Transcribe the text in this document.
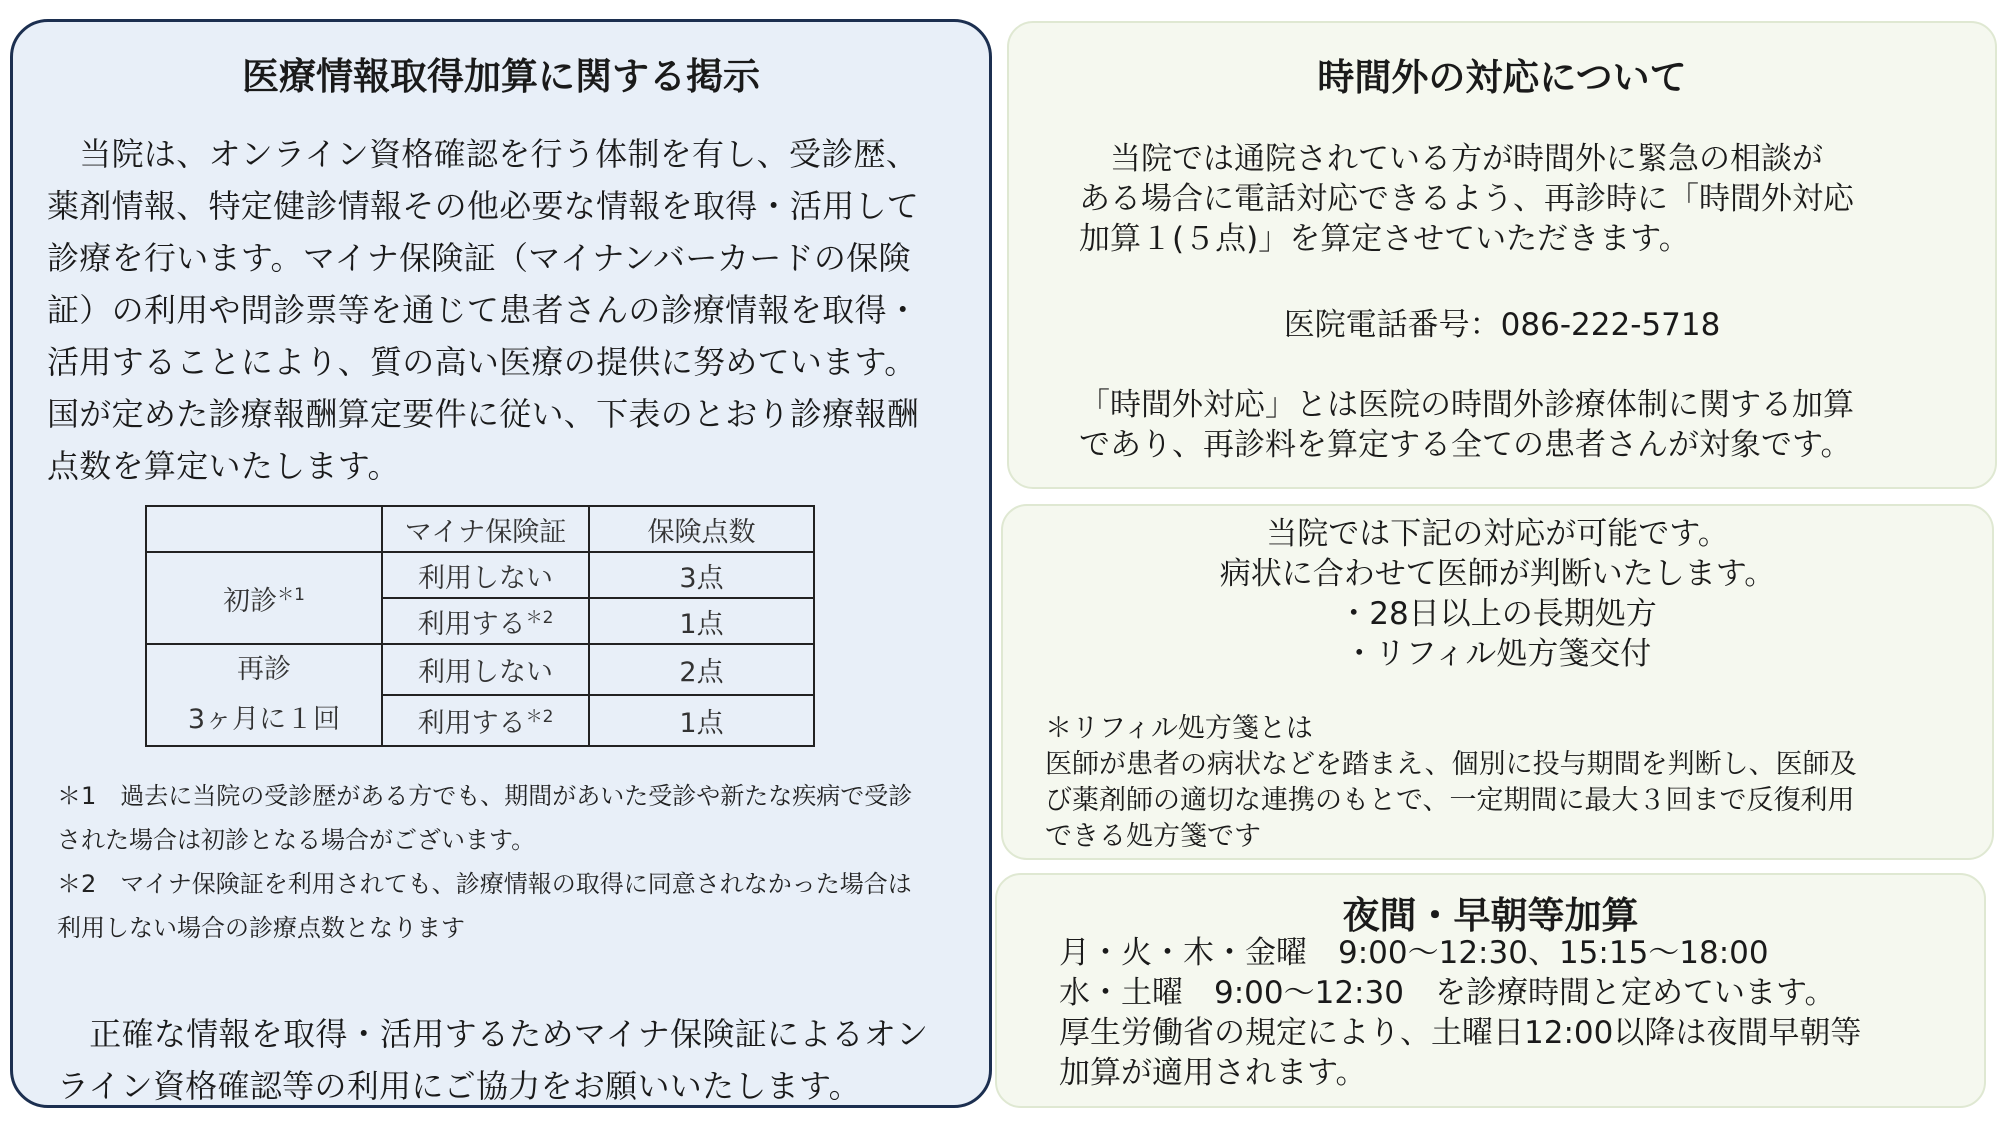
医療情報取得加算に関する掲示
　当院は、オンライン資格確認を行う体制を有し、受診歴、
薬剤情報、特定健診情報その他必要な情報を取得・活用して
診療を行います。マイナ保険証（マイナンバーカードの保険
証）の利用や問診票等を通じて患者さんの診療情報を取得・
活用することにより、質の高い医療の提供に努めています。
国が定めた診療報酬算定要件に従い、下表のとおり診療報酬
点数を算定いたします。
	マイナ保険証	保険点数
初診$^{*1}$	利用しない	3点
	利用する$^{*2}$	1点

再診
3ヶ月に１回	利用しない	2点
	利用する$^{*2}$	1点
＊1　過去に当院の受診歴がある方でも、期間があいた受診や新たな疾病で受診
された場合は初診となる場合がございます。
＊2　マイナ保険証を利用されても、診療情報の取得に同意されなかった場合は
利用しない場合の診療点数となります
　正確な情報を取得・活用するためマイナ保険証によるオン
ライン資格確認等の利用にご協力をお願いいたします。
時間外の対応について
　当院では通院されている方が時間外に緊急の相談が
ある場合に電話対応できるよう、再診時に「時間外対応
加算１(５点)」を算定させていただきます。
医院電話番号：086-222-5718
「時間外対応」とは医院の時間外診療体制に関する加算
であり、再診料を算定する全ての患者さんが対象です。
当院では下記の対応が可能です。
病状に合わせて医師が判断いたします。
・28日以上の長期処方
・リフィル処方箋交付
＊リフィル処方箋とは
医師が患者の病状などを踏まえ、個別に投与期間を判断し、医師及
び薬剤師の適切な連携のもとで、一定期間に最大３回まで反復利用
できる処方箋です
夜間・早朝等加算
月・火・木・金曜　9:00～12:30、15:15～18:00
水・土曜　9:00～12:30　を診療時間と定めています。
厚生労働省の規定により、土曜日12:00以降は夜間早朝等
加算が適用されます。
